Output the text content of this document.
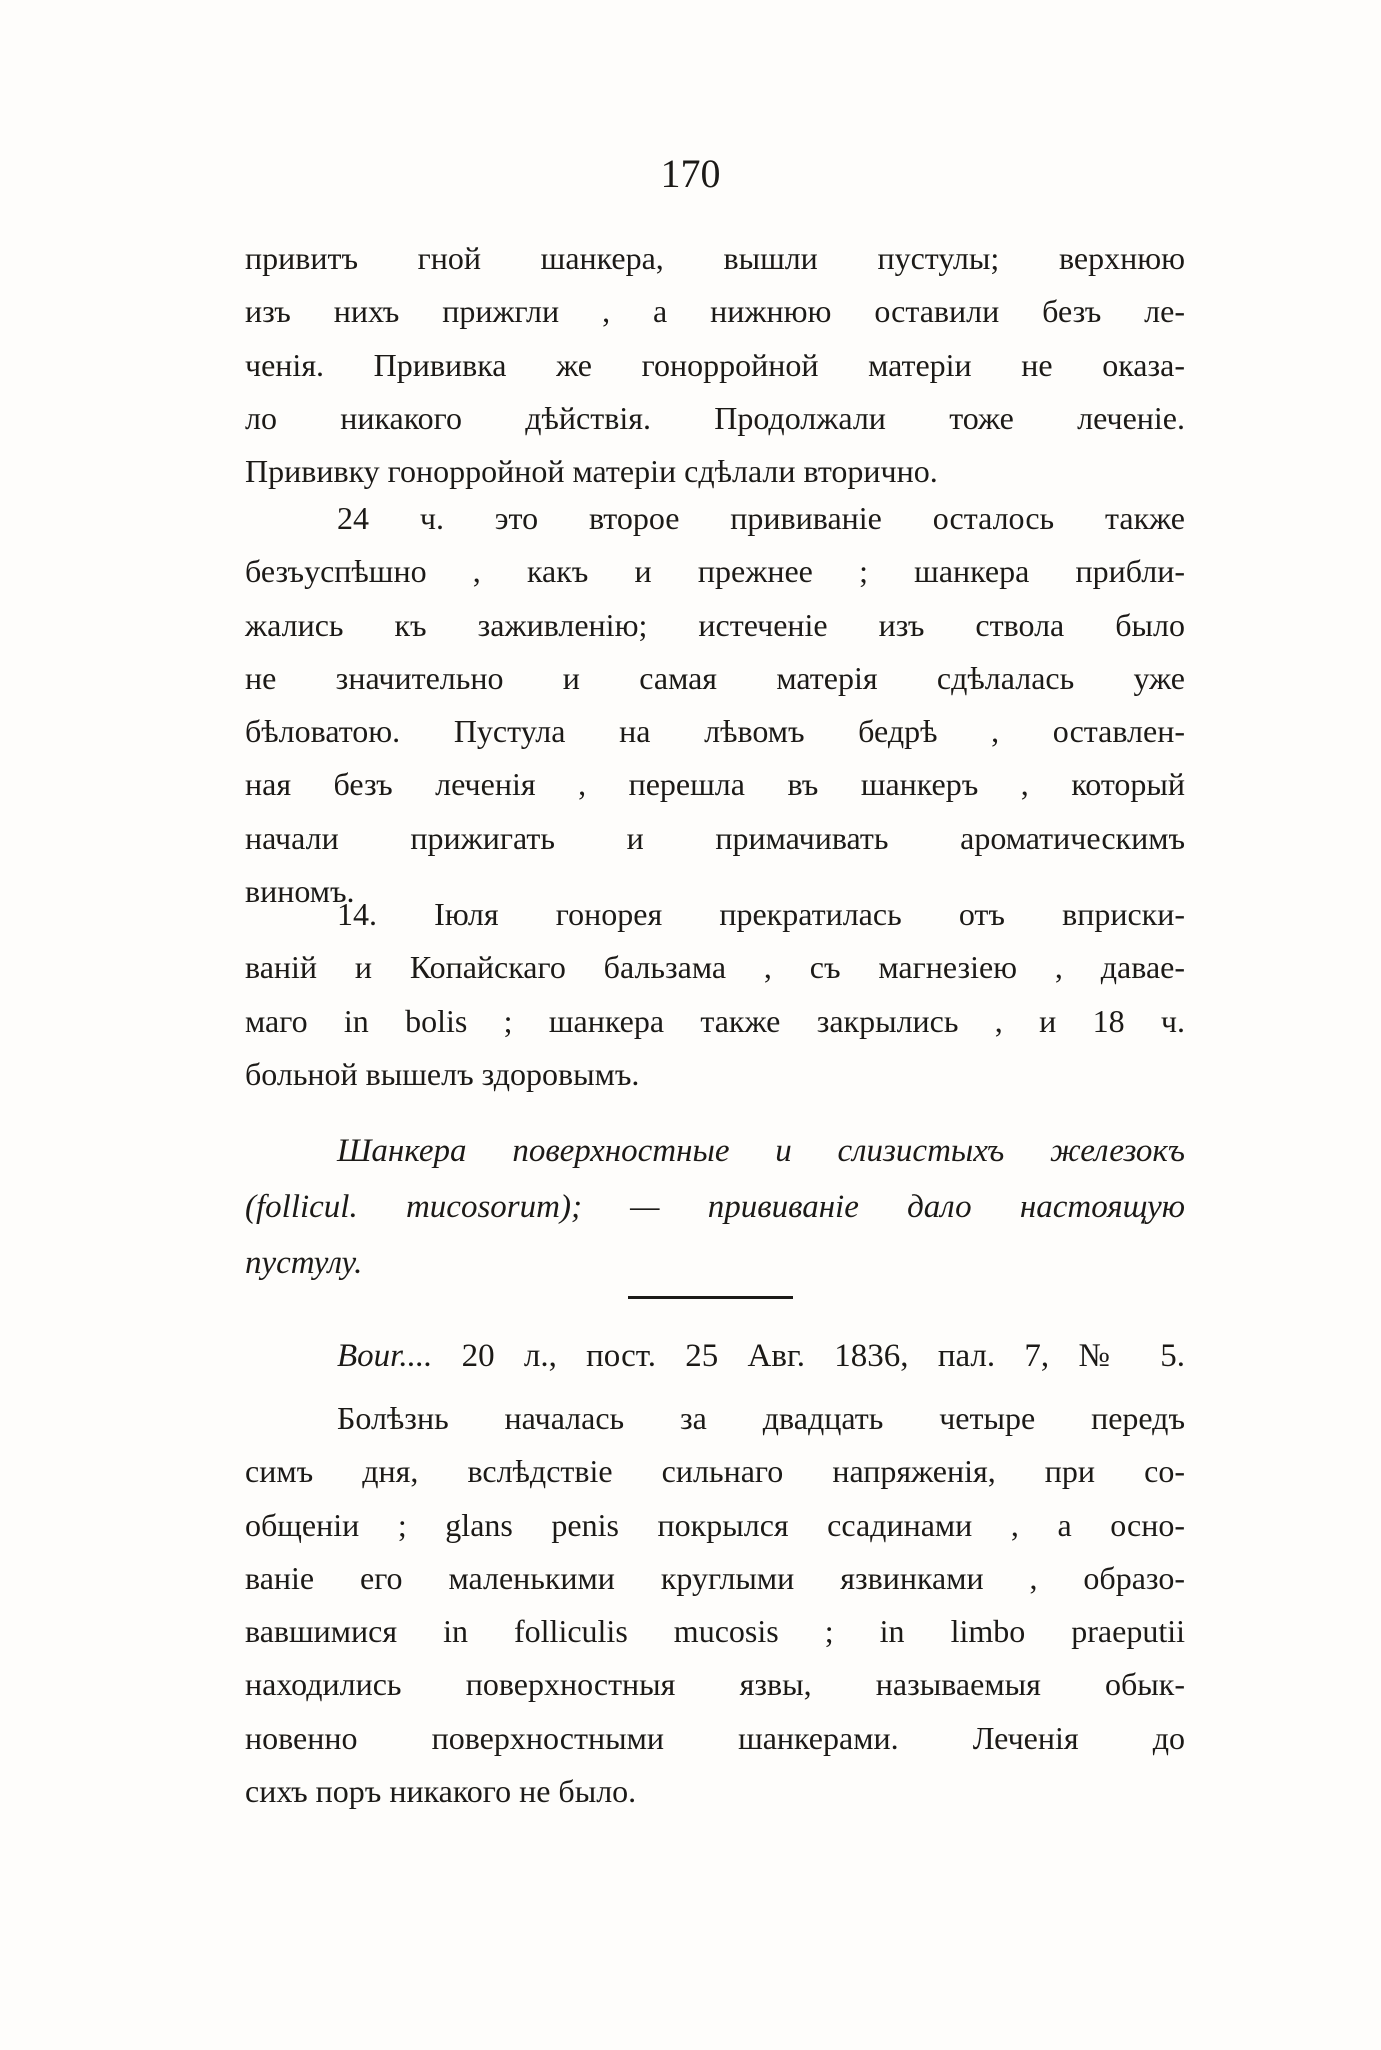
170

привитъ гной шанкера, вышли пустулы; верхнюю

изъ нихъ прижгли , а нижнюю оставили безъ ле-

ченія. Прививка же гонорройной матеріи не оказа-

ло никакого дѣйствія. Продолжали тоже леченіе.

Прививку гонорройной матеріи сдѣлали вторично.

24 ч. это второе прививаніе осталось также

безъуспѣшно , какъ и прежнее ; шанкера прибли-

жались къ заживленію; истеченіе изъ ствола было

не значительно и самая матерія сдѣлалась уже

бѣловатою. Пустула на лѣвомъ бедрѣ , оставлен-

ная безъ леченія , перешла въ шанкеръ , который

начали прижигать и примачивать ароматическимъ

виномъ.

14. Іюля гонорея прекратилась отъ вприски-

ваній и Копайскаго бальзама , съ магнезіею , давае-

маго in bolis ; шанкера также закрылись , и 18 ч.

больной вышелъ здоровымъ.

Шанкера поверхностные и слизистыхъ железокъ

(follicul. mucosorum); — прививаніе дало настоящую

пустулу.

Bour.... 20 л., пост. 25 Авг. 1836, пал. 7, № 5.

Болѣзнь началась за двадцать четыре передъ

симъ дня, вслѣдствіе сильнаго напряженія, при со-

общеніи ; glans penis покрылся ссадинами , а осно-

ваніе его маленькими круглыми язвинками , образо-

вавшимися in folliculis mucosis ; in limbo praeputii

находились поверхностныя язвы, называемыя обык-

новенно поверхностными шанкерами. Леченія до

сихъ поръ никакого не было.
